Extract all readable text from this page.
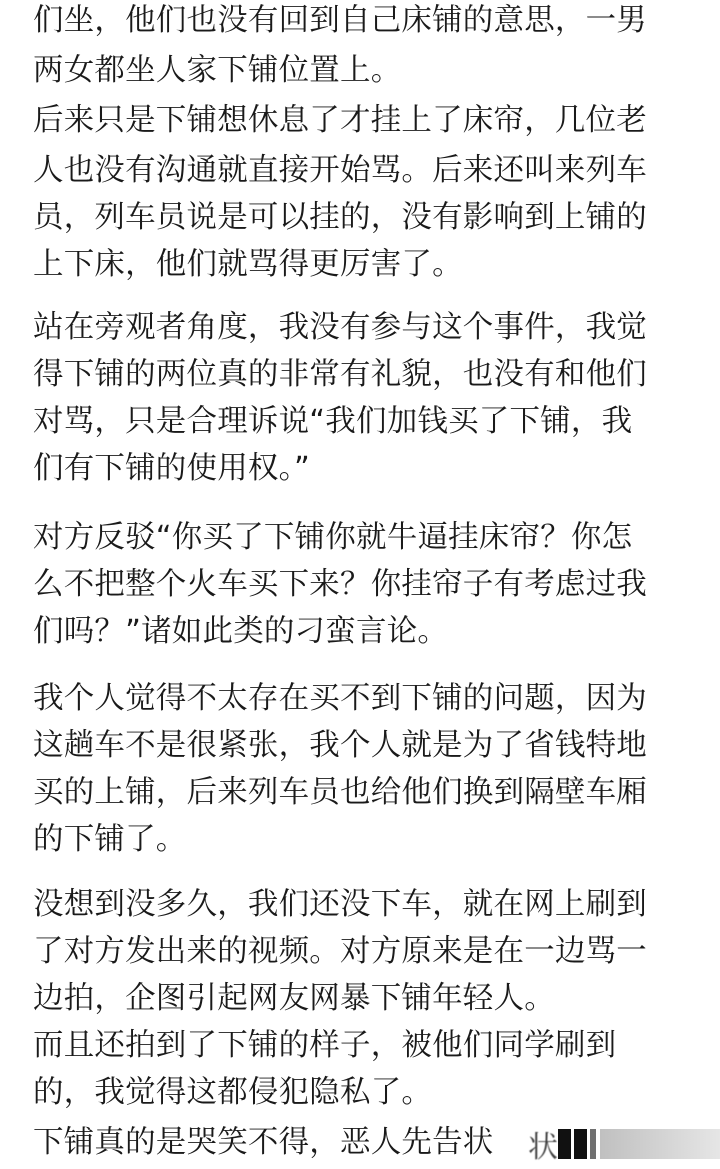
们坐，他们也没有回到自己床铺的意思，一男
两女都坐人家下铺位置上。
后来只是下铺想休息了才挂上了床帘，几位老
人也没有沟通就直接开始骂。后来还叫来列车
员，列车员说是可以挂的，没有影响到上铺的
上下床，他们就骂得更厉害了。
站在旁观者角度，我没有参与这个事件，我觉
得下铺的两位真的非常有礼貌，也没有和他们
对骂，只是合理诉说“我们加钱买了下铺，我
们有下铺的使用权。”
对方反驳“你买了下铺你就牛逼挂床帘？你怎
么不把整个火车买下来？你挂帘子有考虑过我
们吗？”诸如此类的刁蛮言论。
我个人觉得不太存在买不到下铺的问题，因为
这趟车不是很紧张，我个人就是为了省钱特地
买的上铺，后来列车员也给他们换到隔壁车厢
的下铺了。
没想到没多久，我们还没下车，就在网上刷到
了对方发出来的视频。对方原来是在一边骂一
边拍，企图引起网友网暴下铺年轻人。
而且还拍到了下铺的样子，被他们同学刷到
的，我觉得这都侵犯隐私了。
下铺真的是哭笑不得，恶人先告状 状
